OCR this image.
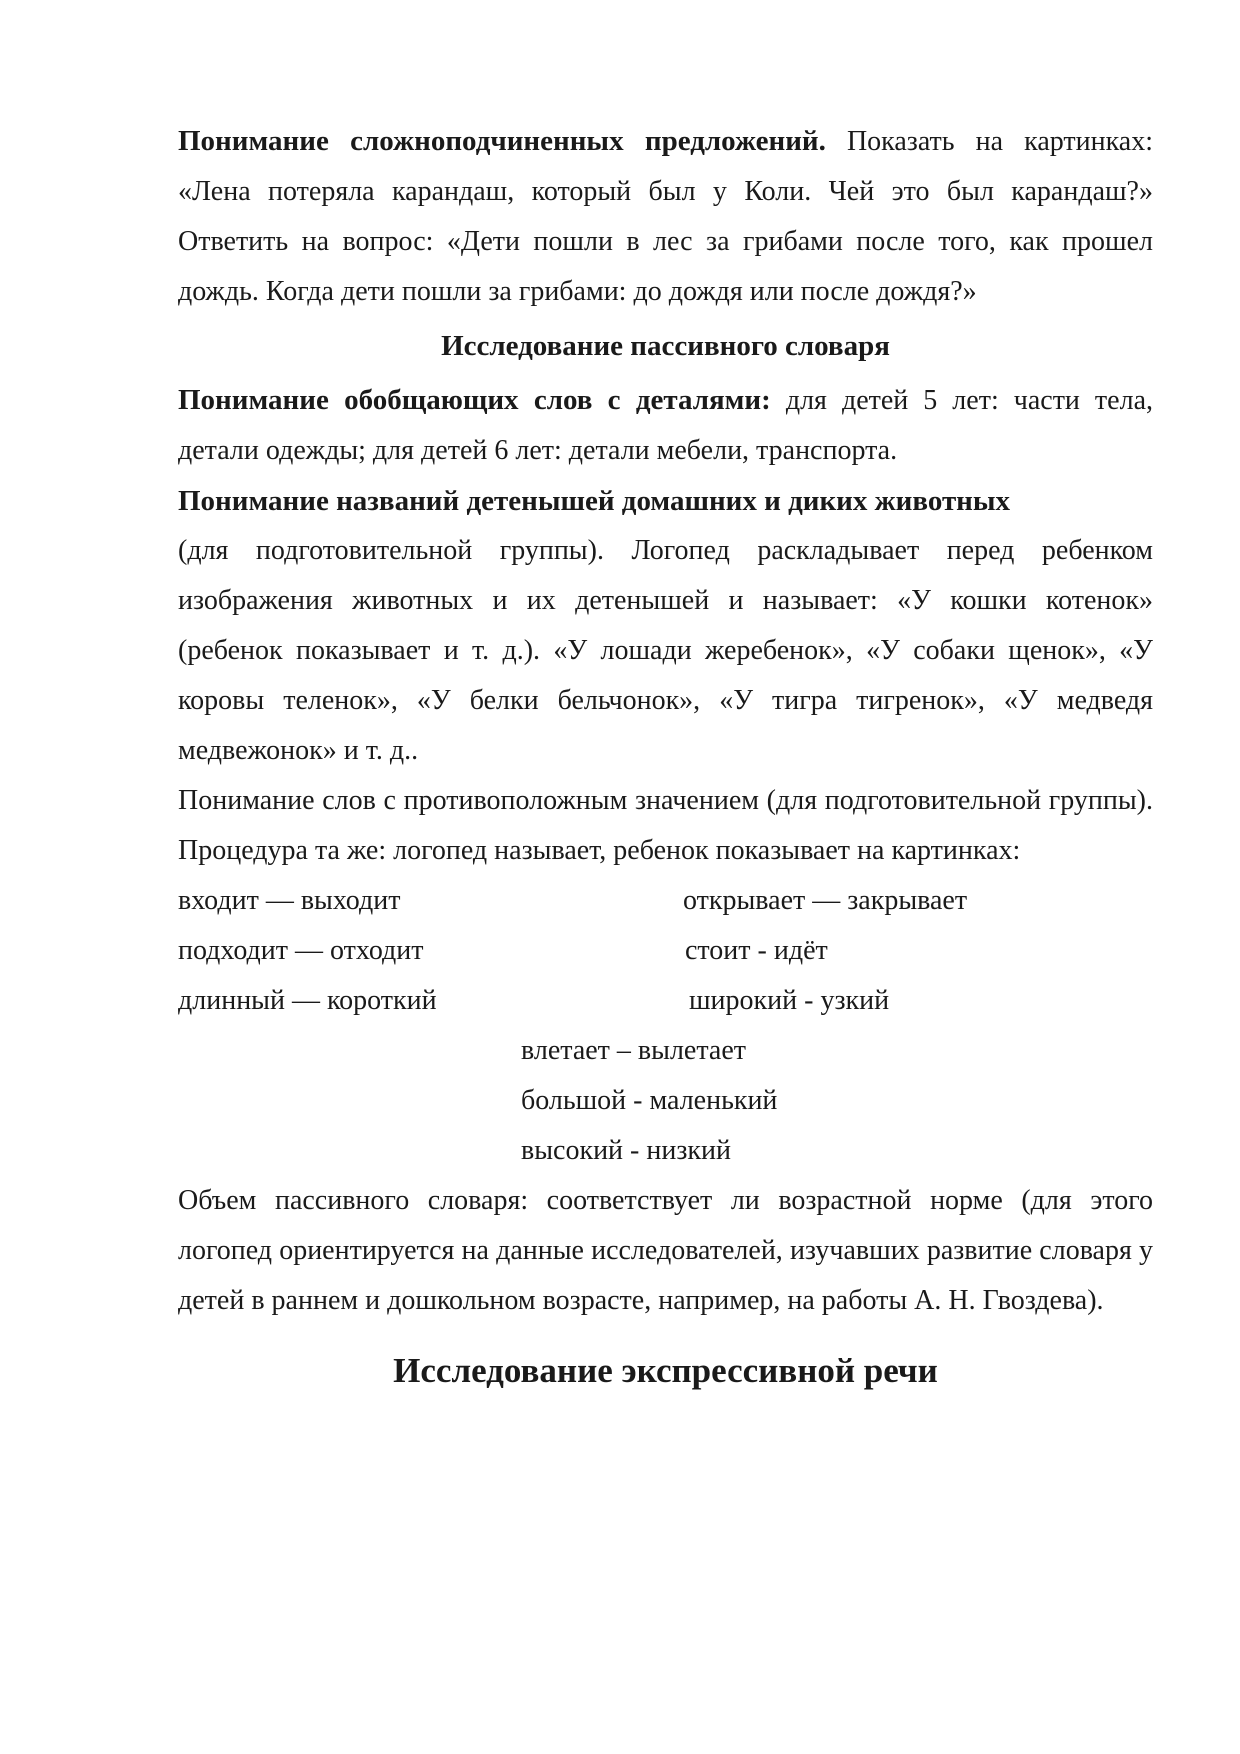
Понимание сложноподчиненных предложений. Показать на картинках: «Лена потеряла карандаш, который был у Коли. Чей это был карандаш?» Ответить на вопрос: «Дети пошли в лес за грибами после того, как прошел дождь. Когда дети пошли за грибами: до дождя или после дождя?»

Исследование пассивного словаря

Понимание обобщающих слов с деталями: для детей 5 лет: части тела, детали одежды; для детей 6 лет: детали мебели, транспорта.

Понимание названий детенышей домашних и диких животных

(для подготовительной группы). Логопед раскладывает перед ребенком изображения животных и их детенышей и называет: «У кошки котенок» (ребенок показывает и т. д.). «У лошади жеребенок», «У собаки щенок», «У коровы теленок», «У белки бельчонок», «У тигра тигренок», «У медведя медвежонок» и т. д..

Понимание слов с противоположным значением (для подготовительной группы). Процедура та же: логопед называет, ребенок показывает на картинках:

входит — выходит	открывает — закрывает
подходит — отходит	стоит - идёт
длинный — короткий	широкий - узкий
влетает – вылетает
большой - маленький
высокий - низкий

Объем пассивного словаря: соответствует ли возрастной норме (для этого логопед ориентируется на данные исследователей, изучавших развитие словаря у детей в раннем и дошкольном возрасте, например, на работы А. Н. Гвоздева).

Исследование экспрессивной речи
